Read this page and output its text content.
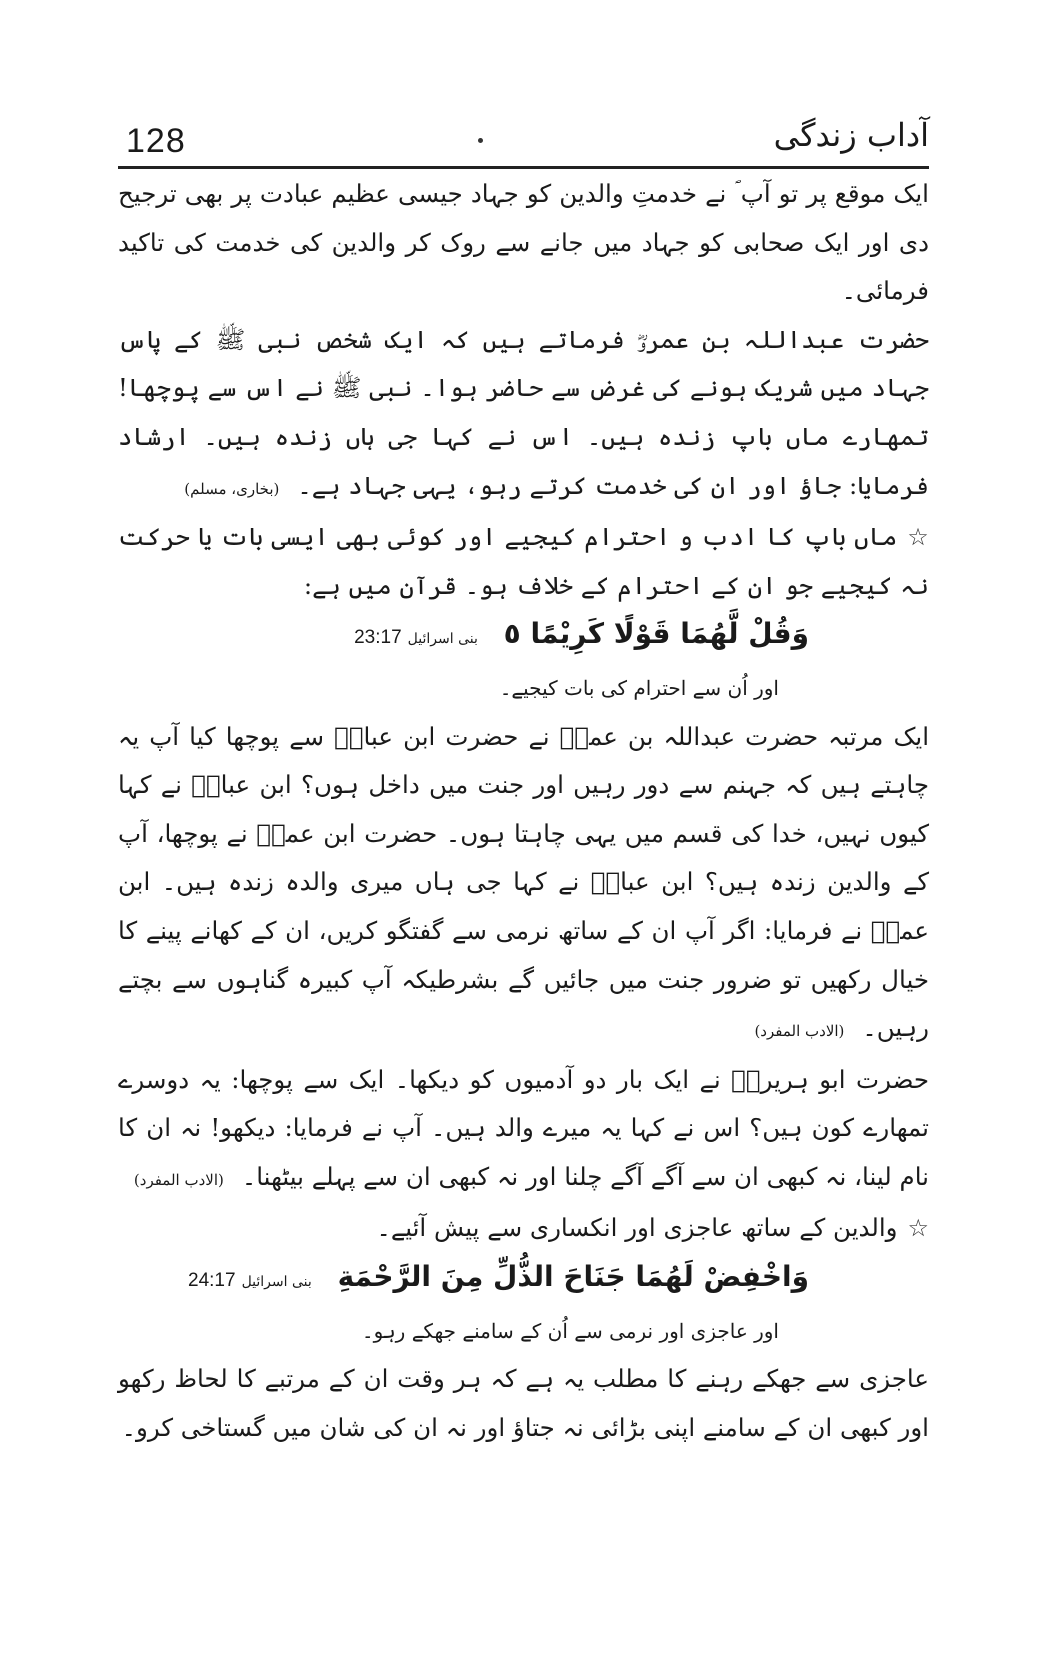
128	آداب زندگی

ایک موقع پر تو آپ ؐ نے خدمتِ والدین کو جہاد جیسی عظیم عبادت پر بھی ترجیح دی اور ایک صحابی کو جہاد میں جانے سے روک کر والدین کی خدمت کی تاکید فرمائی۔

حضرت عبداللہ بن عمروؓ فرماتے ہیں کہ ایک شخص نبی ﷺ کے پاس جہاد میں شریک ہونے کی غرض سے حاضر ہوا۔ نبی ﷺ نے اس سے پوچھا! تمھارے ماں باپ زندہ ہیں۔ اس نے کہا جی ہاں زندہ ہیں۔ ارشاد فرمایا: جاؤ اور ان کی خدمت کرتے رہو، یہی جہاد ہے۔(بخاری، مسلم)

☆ماں باپ کا ادب و احترام کیجیے اور کوئی بھی ایسی بات یا حرکت نہ کیجیے جو ان کے احترام کے خلاف ہو۔ قرآن میں ہے:

وَقُلْ لَّهُمَا قَوْلًا كَرِيْمًا ٥ بنی اسرائیل23:17
اور اُن سے احترام کی بات کیجیے۔

ایک مرتبہ حضرت عبداللہ بن عمرؓ نے حضرت ابن عباسؓ سے پوچھا کیا آپ یہ چاہتے ہیں کہ جہنم سے دور رہیں اور جنت میں داخل ہوں؟ ابن عباسؓ نے کہا کیوں نہیں، خدا کی قسم میں یہی چاہتا ہوں۔ حضرت ابن عمرؓ نے پوچھا، آپ کے والدین زندہ ہیں؟ ابن عباسؓ نے کہا جی ہاں میری والدہ زندہ ہیں۔ ابن عمرؓ نے فرمایا: اگر آپ ان کے ساتھ نرمی سے گفتگو کریں، ان کے کھانے پینے کا خیال رکھیں تو ضرور جنت میں جائیں گے بشرطیکہ آپ کبیرہ گناہوں سے بچتے رہیں۔(الادب المفرد)

حضرت ابو ہریرہؓ نے ایک بار دو آدمیوں کو دیکھا۔ ایک سے پوچھا: یہ دوسرے تمھارے کون ہیں؟ اس نے کہا یہ میرے والد ہیں۔ آپ نے فرمایا: دیکھو! نہ ان کا نام لینا، نہ کبھی ان سے آگے آگے چلنا اور نہ کبھی ان سے پہلے بیٹھنا۔(الادب المفرد)

☆والدین کے ساتھ عاجزی اور انکساری سے پیش آئیے۔

وَاخْفِضْ لَهُمَا جَنَاحَ الذُّلِّ مِنَ الرَّحْمَةِ بنی اسرائیل24:17
اور عاجزی اور نرمی سے اُن کے سامنے جھکے رہو۔

عاجزی سے جھکے رہنے کا مطلب یہ ہے کہ ہر وقت ان کے مرتبے کا لحاظ رکھو اور کبھی ان کے سامنے اپنی بڑائی نہ جتاؤ اور نہ ان کی شان میں گستاخی کرو۔
